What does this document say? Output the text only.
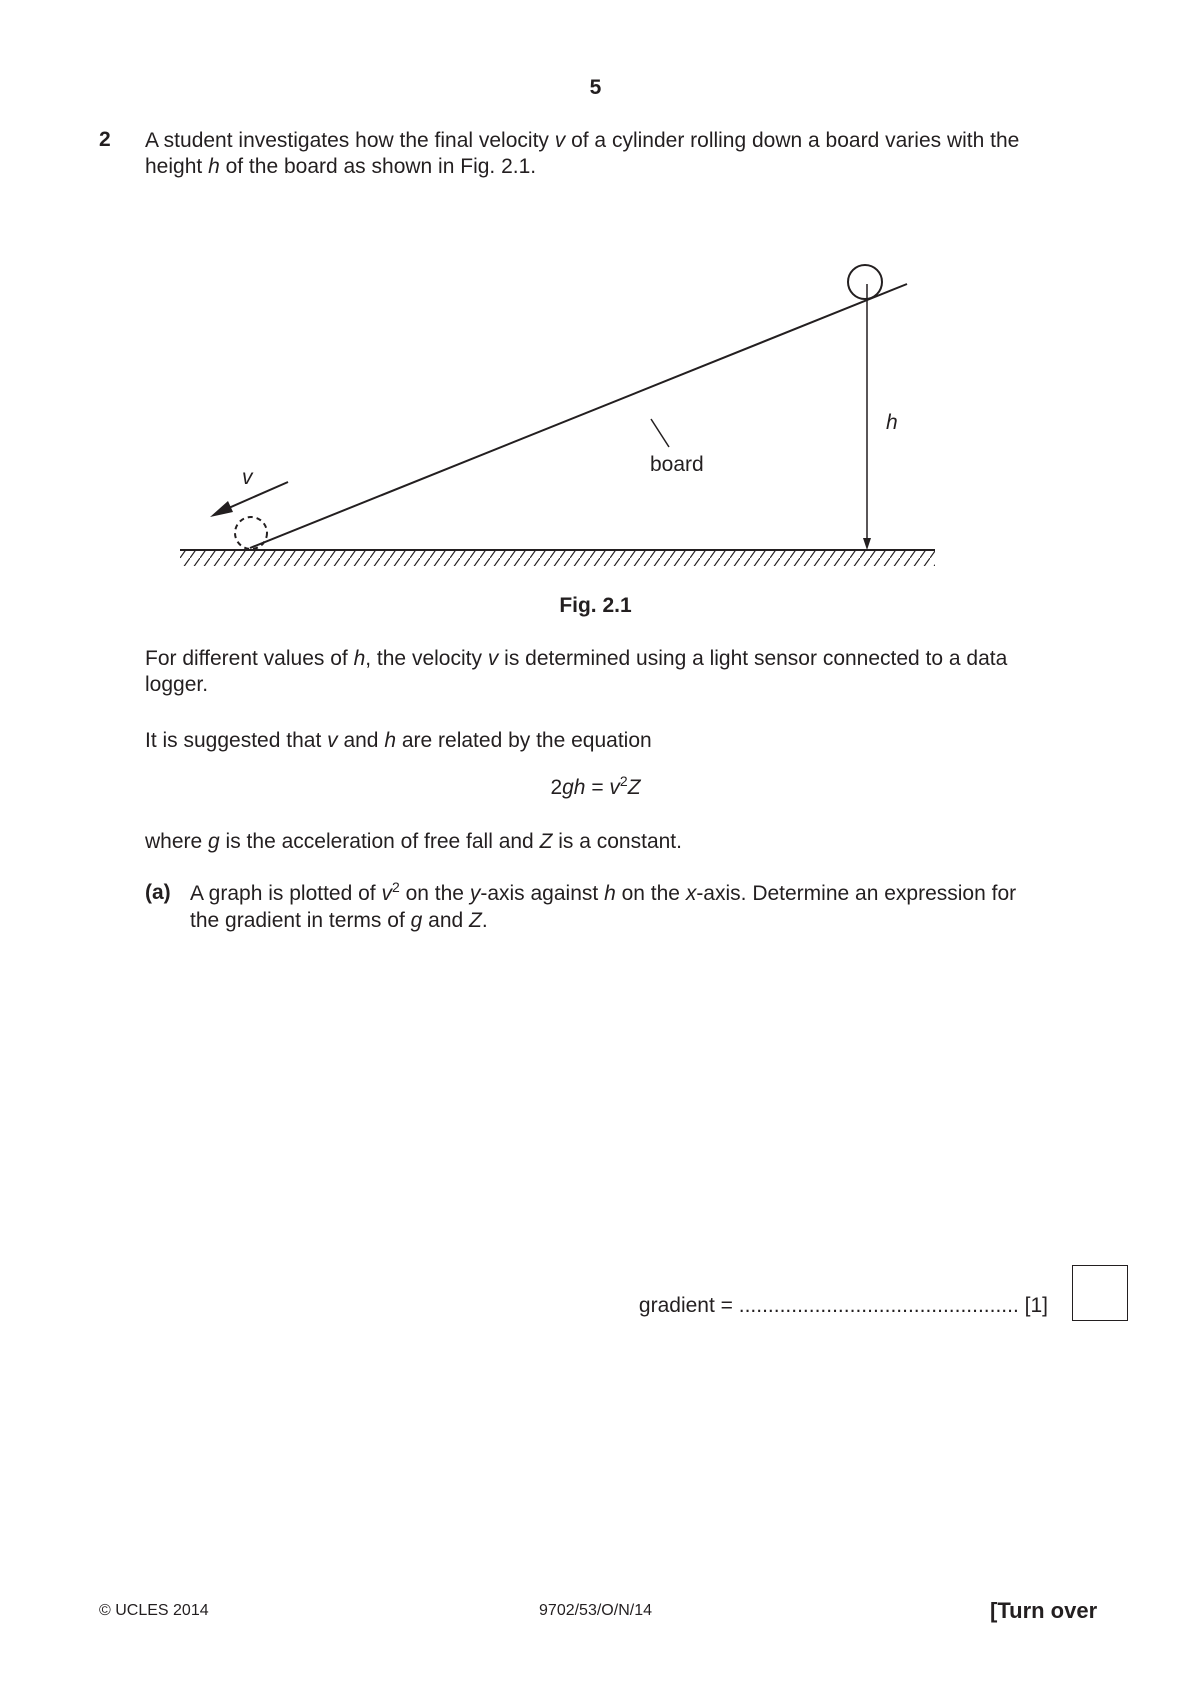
5
2 A student investigates how the final velocity v of a cylinder rolling down a board varies with the height h of the board as shown in Fig. 2.1.
v
board
h
Fig. 2.1
For different values of h, the velocity v is determined using a light sensor connected to a data logger.
It is suggested that v and h are related by the equation
$2gh = v^2Z$
where g is the acceleration of free fall and Z is a constant.
(a) A graph is plotted of $v^2$ on the y-axis against h on the x-axis. Determine an expression for the gradient in terms of g and Z.
gradient = ................................................ [1]
© UCLES 2014	9702/53/O/N/14	[Turn over
